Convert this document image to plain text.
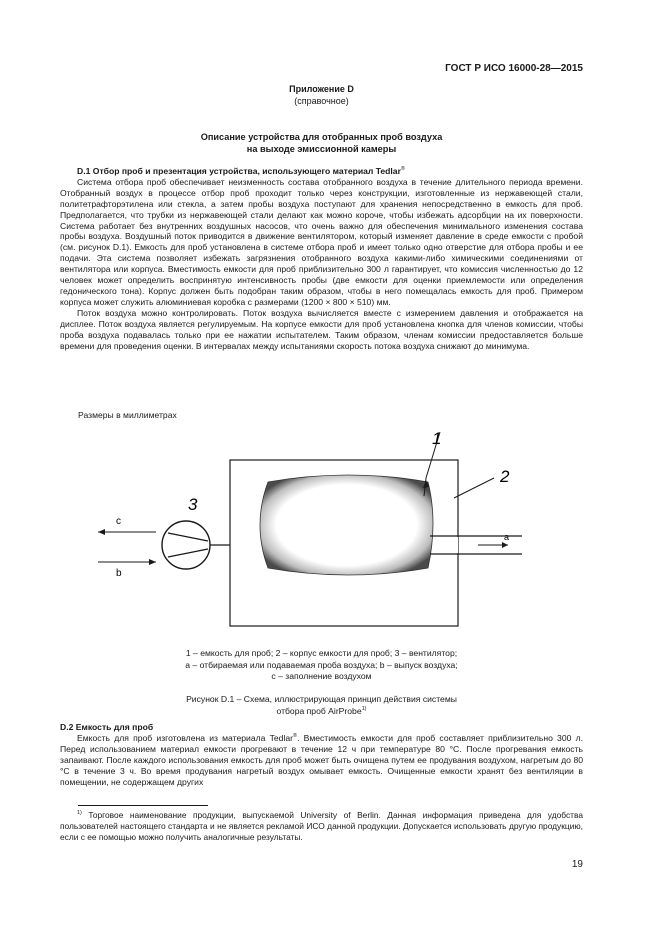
ГОСТ Р ИСО 16000-28—2015
Приложение D
(справочное)
Описание устройства для отобранных проб воздуха
на выходе эмиссионной камеры

D.1 Отбор проб и презентация устройства, использующего материал Tedlar®

Система отбора проб обеспечивает неизменность состава отобранного воздуха в течение длительного периода времени. Отобранный воздух в процессе отбор проб проходит только через конструкции, изготовленные из нержавеющей стали, политетрафторэтилена или стекла, а затем пробы воздуха поступают для хранения непосредственно в емкость для проб. Предполагается, что трубки из нержавеющей стали делают как можно короче, чтобы избежать адсорбции на их поверхности. Система работает без внутренних воздушных насосов, что очень важно для обеспечения минимального изменения состава пробы воздуха. Воздушный поток приводится в движение вентилятором, который изменяет давление в среде емкости с пробой (см. рисунок D.1). Емкость для проб установлена в системе отбора проб и имеет только одно отверстие для отбора пробы и ее подачи. Эта система позволяет избежать загрязнения отобранного воздуха какими-либо химическими соединениями от вентилятора или корпуса. Вместимость емкости для проб приблизительно 300 л гарантирует, что комиссия численностью до 12 человек может определить воспринятую интенсивность пробы (две емкости для оценки приемлемости или определения гедонического тона). Корпус должен быть подобран таким образом, чтобы в него помещалась емкость для проб. Примером корпуса может служить алюминиевая коробка с размерами (1200 × 800 × 510) мм.

Поток воздуха можно контролировать. Поток воздуха вычисляется вместе с измерением давления и отображается на дисплее. Поток воздуха является регулируемым. На корпусе емкости для проб установлена кнопка для членов комиссии, чтобы проба воздуха подавалась только при ее нажатии испытателем. Таким образом, членам комиссии предоставляется больше времени для проведения оценки. В интервалах между испытаниями скорость потока воздуха снижают до минимума.

Размеры в миллиметрах
a
1
2
3
c
b
1 – емкость для проб; 2 – корпус емкости для проб; 3 – вентилятор;
а – отбираемая или подаваемая проба воздуха; b – выпуск воздуха;
с – заполнение воздухом
Рисунок D.1 – Схема, иллюстрирующая принцип действия системы
отбора проб AirProbe$^{1)}$

D.2 Емкость для проб

Емкость для проб изготовлена из материала Tedlar®. Вместимость емкости для проб составляет приблизительно 300 л. Перед использованием материал емкости прогревают в течение 12 ч при температуре 80 °С. После прогревания емкость запаивают. После каждого использования емкость для проб может быть очищена путем ее продувания воздухом, нагретым до 80 °С в течение 3 ч. Во время продувания нагретый воздух омывает емкость. Очищенные емкости хранят без вентиляции в помещении, не содержащем других

$^{1)}$ Торговое наименование продукции, выпускаемой University of Berlin. Данная информация приведена для удобства пользователей настоящего стандарта и не является рекламой ИСО данной продукции. Допускается использовать другую продукцию, если с ее помощью можно получить аналогичные результаты.

19
